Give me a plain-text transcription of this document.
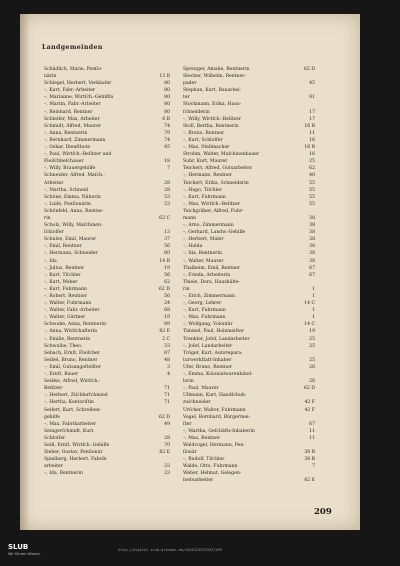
Landgemeinden
Schädlich, Marie, Penſio-
närin	13 B
Schlegel, Herbert, Verkäufer	80
–, Kurt, Fabr.-Arbeiter	80
–, Marianne, Wirtſch.-Gehilfin	80
–, Martin, Fabr.-Arbeiter	80
–, Reinhard, Rentner	80
Schleifer, Max, Arbeiter	6 B
Schmidt, Alfred, Maurer	74
–, Anna, Rentnerin	79
–, Bernhard, Zimmermann	74
–, Oskar, Dienſtbote	45
–, Paul, Wirtſch.-Beſitzer und
Fleiſchbeſchauer	18
–, Willy, Brauergehilfe	7
Schneider, Alfred, Maſch.-
Arbeiter	28
–, Martha, Schneid	28
Schöne, Emma, Näherin	53
–, Luiſe, Penſionärin	53
Schönfeld, Anna, Rentne-
rin	62 C
Scholz, Willy, Maſchinen-
ſchloſſer	13
Schulze, Emil, Maurer	37
–, Emil, Rentner	56
–, Hermann, Schneider	60
–, Ida	14 B
–, Julius, Rentner	19
–, Kurt, Tiſchler	56
–, Kurt, Weber	62
–, Kurt, Fuhrmann	62 D
–, Robert, Rentner	56
–, Walter, Fuhrmann	24
–, Walter, Fabr.-Arbeiter	68
–, Walter, Gärtner	19
Schwabe, Anna, Rentnerin	89
–, Anna, Wirtſchafterin	82 E
–, Emilie, Rentnerin	2 C
Schwalbe, Theo,	33
Sebach, Ernſt, Fleiſcher	87
Seibel, Bruno, Rentner	48
–, Emil, Gutsangeſtellter	3
–, Ernſt, Bauer	4
Seibke, Alfred, Wirtſch.-
Beſitzer	71
–, Herbert, Ziſchlerſchmied	71
–, Hertha, Kontoriſtin	71
Seifert, Kurt, Schreiben-
gehilfe	62 D
–, Max, Fabrikarbeiter	49
Seingerſchmidt, Kurt,
Schloſſer	28
Seiß, Ernſt, Wirtſch.-Gehilfe	70
Sieber, Gustav, Penſionär	82 E
Spielberg, Herbert, Fabrik-
arbeiter	33
–, Ida, Rentnerin	33
Sprenger, Amalie, Rentnerin	62 D
Stecher, Wilhelm, Rentner-
pader	45
Stephan, Kurt, Bauarbei-
ter	81
Stockmann, Erika, Haus-
ſchneiderin	17
–, Willy, Wirtſch.-Beſitzer	17
Stoll, Bertha, Rentnerin	16 B
–, Bruno, Rentner	11
–, Kurt, Schloſſer	16
–, Max, Stellmacher	16 B
Strohm, Walter, Maſchinenbauer	16
Suhr, Kurt, Maurer	25
Teichert, Alfred, Gutsarbeiter	62
–, Hermann, Rentner	40
Teichert, Erika, Schneiderin	55
–, Hugo, Tiſchler	55
–, Kurt, Fuhrmann	55
–, Max, Wirtſch.-Beſitzer	55
Teichgräber, Alfred, Fuhr-
mann	38
–, Arno, Zimmermann	38
–, Gerhard, Landw.-Gehilfe	38
–, Herbert, Maler	38
–, Hulda	38
–, Ida, Rentnerin	38
–, Walter, Maurer	38
Thalheim, Emil, Rentner	67
–, Frieda, Arbeiterin	67
Thiele, Dora, Haushälte-
rin	1
–, Erich, Zimmermann	1
–, Georg, Lehrer	14 C
–, Kurt, Fuhrmann	1
–, Max, Fuhrmann	1
–, Wolfgang, Volontär	14 C
Timmel, Paul, Holzmeiſter	19
Trenkler, Joſef, Landarbeiter	25
–, Joſef, Landarbeiter	25
Tröger, Kurt, Autorepara-
turwerkſtatt-Inhaber	25
Ufer, Bruno, Rentner	26
–, Emma, Kolonialwarenhänd-
lerin	26
–, Paul, Maurer	62 D
Ullmann, Kurt, Handſchuh-
zuſchneider	42 F
Urſcher, Walter, Fuhrmann	42 F
Vogel, Bernhard, Bürgermei-
ſter	67
–, Martha, Geſchäfts-Inhaberin	11
–, Max, Rentner	11
Waldvogel, Hermann, Pen-
ſionär	38 B
–, Rudolf, Tiſchler	38 B
Walde, Otto, Fuhrmann	7
Weber, Helmut, Gelegen-
heitsarbeiter	62 E
209
SLUB
Wir führen Wissen.
http://digital.slub-dresden.de/id3632323333Z/209
